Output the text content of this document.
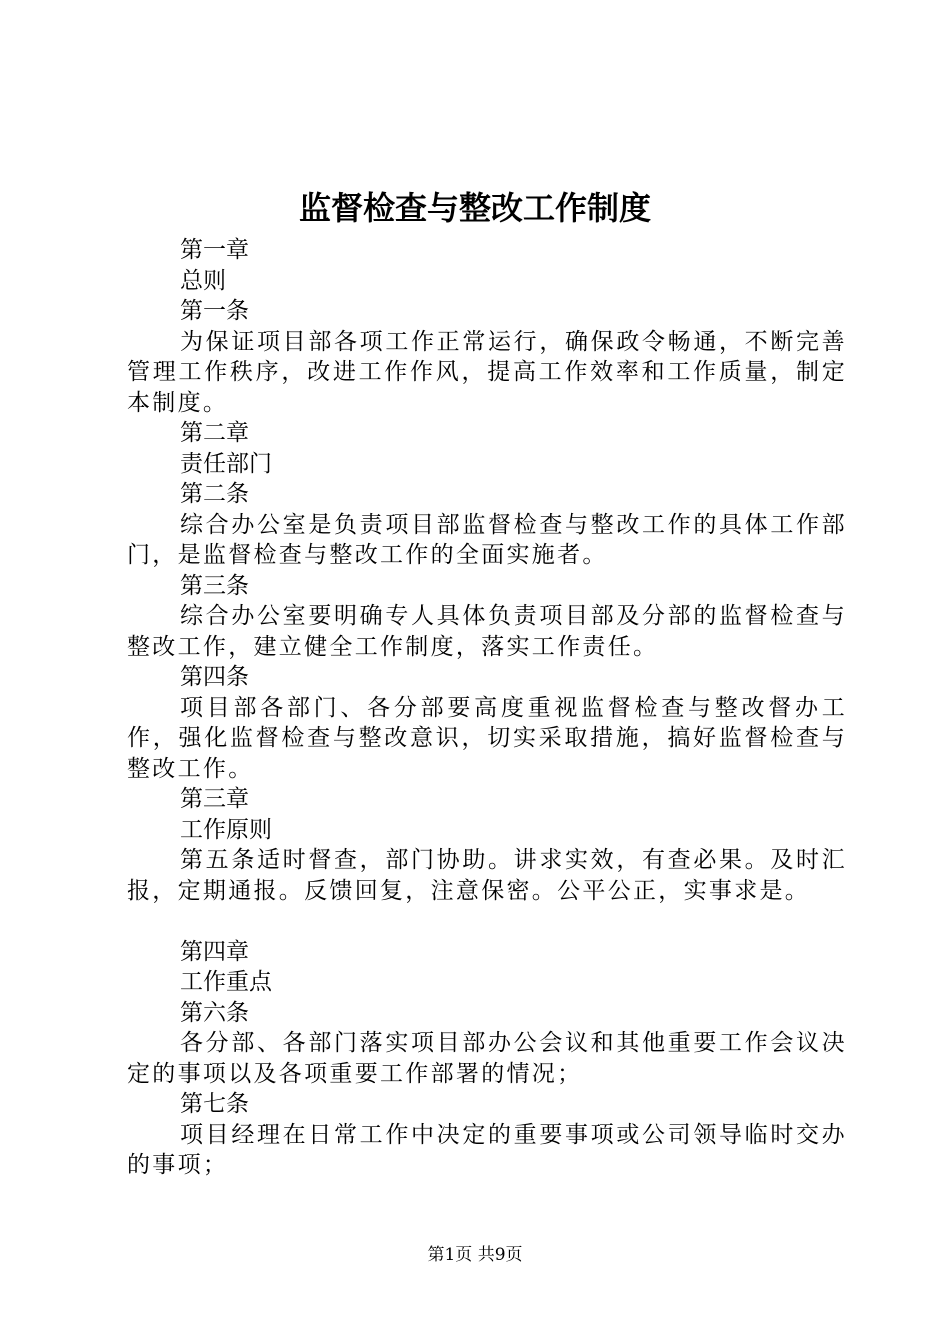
监督检查与整改工作制度
第一章
总则
第一条

为保证项目部各项工作正常运行，确保政令畅通，不断完善管理工作秩序，改进工作作风，提高工作效率和工作质量，制定本制度。

第二章
责任部门
第二条

综合办公室是负责项目部监督检查与整改工作的具体工作部门，是监督检查与整改工作的全面实施者。

第三条

综合办公室要明确专人具体负责项目部及分部的监督检查与整改工作，建立健全工作制度，落实工作责任。

第四条

项目部各部门、各分部要高度重视监督检查与整改督办工作，强化监督检查与整改意识，切实采取措施，搞好监督检查与整改工作。

第三章
工作原则

第五条适时督查，部门协助。讲求实效，有查必果。及时汇报，定期通报。反馈回复，注意保密。公平公正，实事求是。

第四章
工作重点
第六条

各分部、各部门落实项目部办公会议和其他重要工作会议决定的事项以及各项重要工作部署的情况；

第七条

项目经理在日常工作中决定的重要事项或公司领导临时交办的事项；

第1页 共9页
